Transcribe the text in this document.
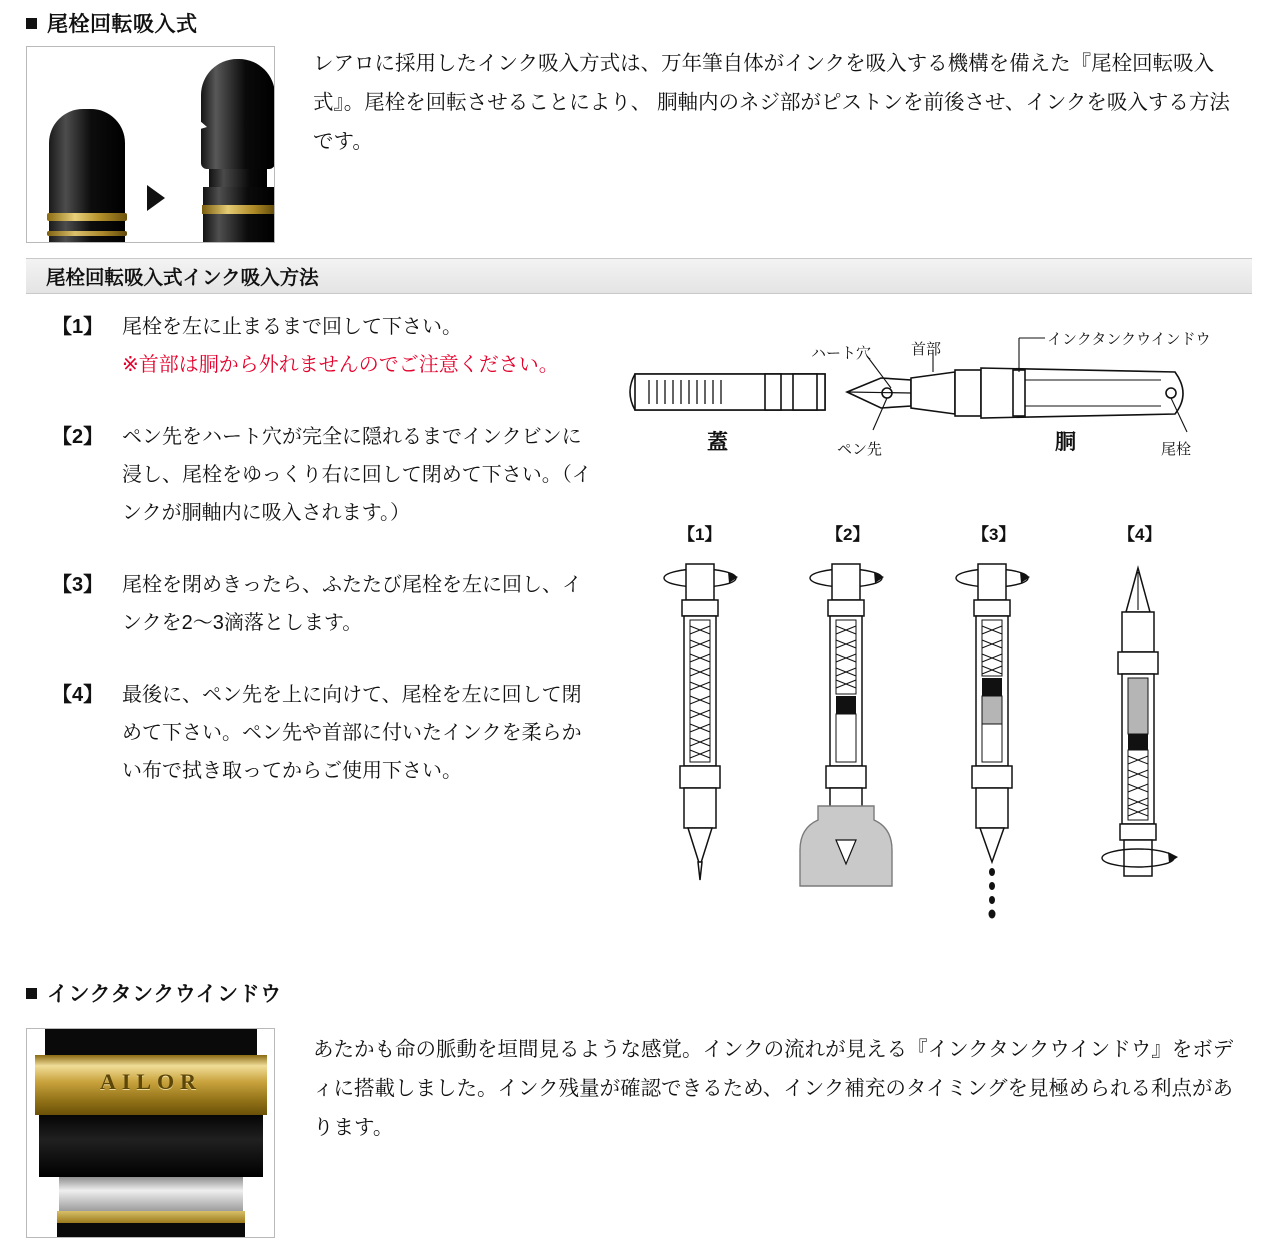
尾栓回転吸入式
レアロに採用したインク吸入方式は、万年筆自体がインクを吸入する機構を備えた『尾栓回転吸入式』。尾栓を回転させることにより、 胴軸内のネジ部がピストンを前後させ、インクを吸入する方法です。
尾栓回転吸入式インク吸入方法
【1】 尾栓を左に止まるまで回して下さい。
※首部は胴から外れませんのでご注意ください。
【2】 ペン先をハート穴が完全に隠れるまでインクビンに浸し、尾栓をゆっくり右に回して閉めて下さい。（インクが胴軸内に吸入されます。）
【3】 尾栓を閉めきったら、ふたたび尾栓を左に回し、インクを2〜3滴落とします。
【4】 最後に、ペン先を上に向けて、尾栓を左に回して閉めて下さい。ペン先や首部に付いたインクを柔らかい布で拭き取ってからご使用下さい。
ハート穴	首部
インクタンクウインドウ
ペン先	尾栓
蓋	胴
【1】	【2】	【3】	【4】
インクタンクウインドウ
AILOR
あたかも命の脈動を垣間見るような感覚。インクの流れが見える『インクタンクウインドウ』をボディに搭載しました。インク残量が確認できるため、インク補充のタイミングを見極められる利点があります。
